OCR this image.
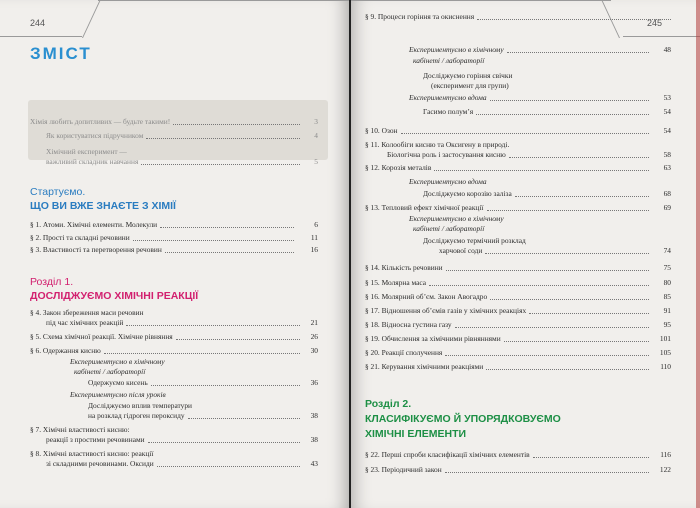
244
ЗМІСТ
Стартуємо.
ЩО ВИ ВЖЕ ЗНАЄТЕ З ХІМІЇ
Розділ 1.
ДОСЛІДЖУЄМО ХІМІЧНІ РЕАКЦІЇ
Хімія любить допитливих — будьте такими!	3
Як користуватися підручником	4
Хімічний експеримент —
важливий складник навчання	5
§ 1. Атоми. Хімічні елементи. Молекули	6
§ 2. Прості та складні речовини	11
§ 3. Властивості та перетворення речовин	16
§ 4. Закон збереження маси речовин
під час хімічних реакцій	21
§ 5. Схема хімічної реакції. Хімічне рівняння	26
§ 6. Одержання кисню	30
Експериментуємо в хімічному
кабінеті / лабораторії
Одержуємо кисень	36
Експериментуємо після уроків
Досліджуємо вплив температури
на розклад гідроген пероксиду	38
§ 7. Хімічні властивості кисню:
реакції з простими речовинами	38
§ 8. Хімічні властивості кисню: реакції
зі складними речовинами. Оксиди	43
245
Розділ 2.
КЛАСИФІКУЄМО Й УПОРЯДКОВУЄМО
ХІМІЧНІ ЕЛЕМЕНТИ
§ 9. Процеси горіння та окиснення
Експериментуємо в хімічному	48
кабінеті / лабораторії
Досліджуємо горіння свічки
(експеримент для групи)
Експериментуємо вдома	53
Гасимо полум’я	54
§ 10. Озон	54
§ 11. Колообіги кисню та Оксигену в природі.
Біологічна роль і застосування кисню	58
§ 12. Корозія металів	63
Експериментуємо вдома
Досліджуємо корозію заліза	68
§ 13. Тепловий ефект хімічної реакції	69
Експериментуємо в хімічному
кабінеті / лабораторії
Досліджуємо термічний розклад
харчової соди	74
§ 14. Кількість речовини	75
§ 15. Молярна маса	80
§ 16. Молярний об’єм. Закон Авогадро	85
§ 17. Відношення об’ємів газів у хімічних реакціях	91
§ 18. Відносна густина газу	95
§ 19. Обчислення за хімічними рівняннями	101
§ 20. Реакції сполучення	105
§ 21. Керування хімічними реакціями	110
§ 22. Перші спроби класифікації хімічних елементів	116
§ 23. Періодичний закон	122
